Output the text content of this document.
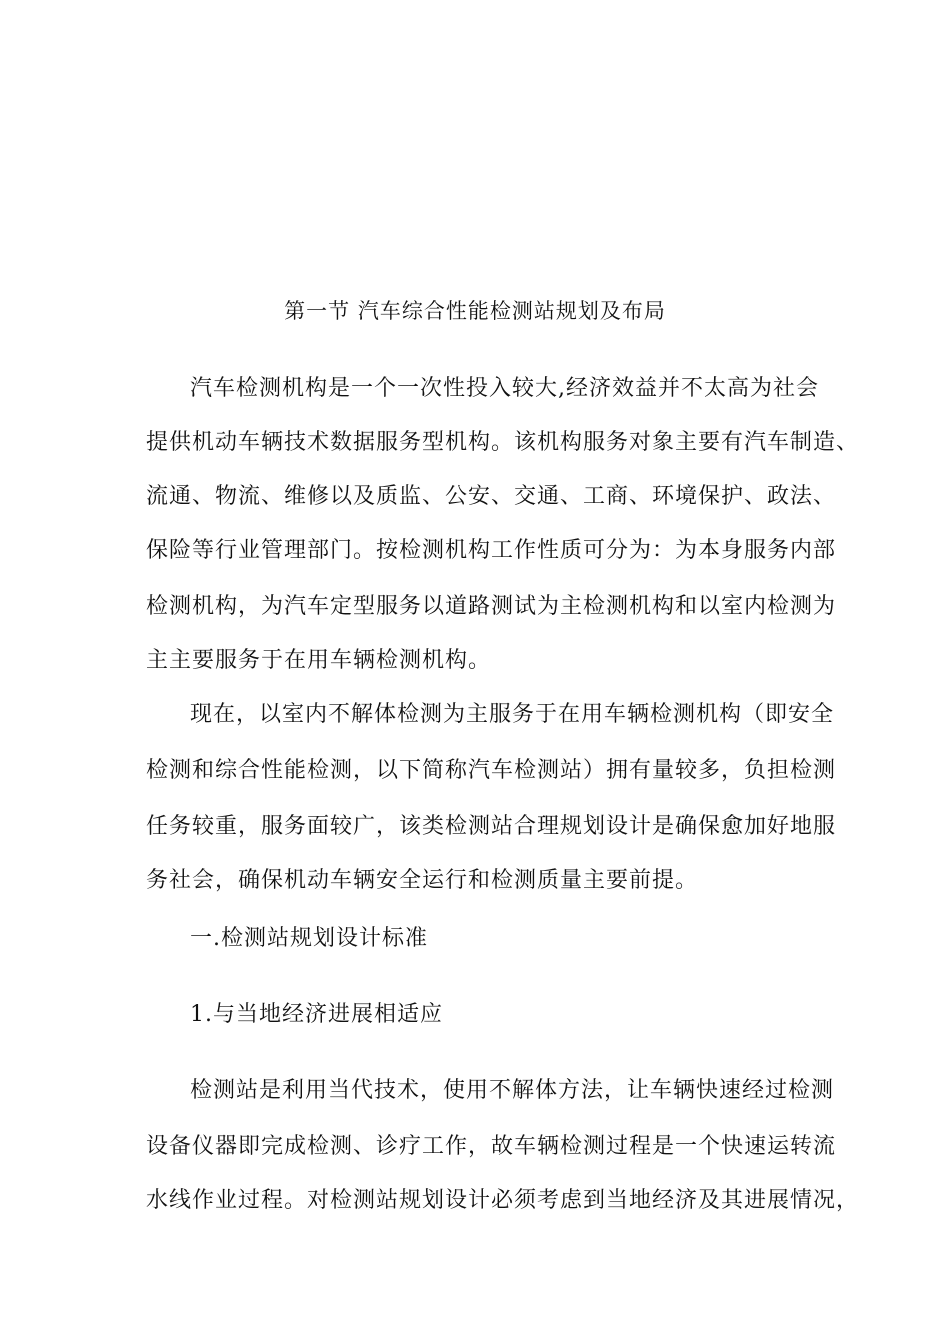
第一节 汽车综合性能检测站规划及布局
汽车检测机构是一个一次性投入较大,经济效益并不太高为社会
提供机动车辆技术数据服务型机构。该机构服务对象主要有汽车制造、
流通、物流、维修以及质监、公安、交通、工商、环境保护、政法、
保险等行业管理部门。按检测机构工作性质可分为：为本身服务内部
检测机构，为汽车定型服务以道路测试为主检测机构和以室内检测为
主主要服务于在用车辆检测机构。
现在，以室内不解体检测为主服务于在用车辆检测机构（即安全
检测和综合性能检测，以下简称汽车检测站）拥有量较多，负担检测
任务较重，服务面较广，该类检测站合理规划设计是确保愈加好地服
务社会，确保机动车辆安全运行和检测质量主要前提。
一.检测站规划设计标准
1.与当地经济进展相适应
检测站是利用当代技术，使用不解体方法，让车辆快速经过检测
设备仪器即完成检测、诊疗工作，故车辆检测过程是一个快速运转流
水线作业过程。对检测站规划设计必须考虑到当地经济及其进展情况，
